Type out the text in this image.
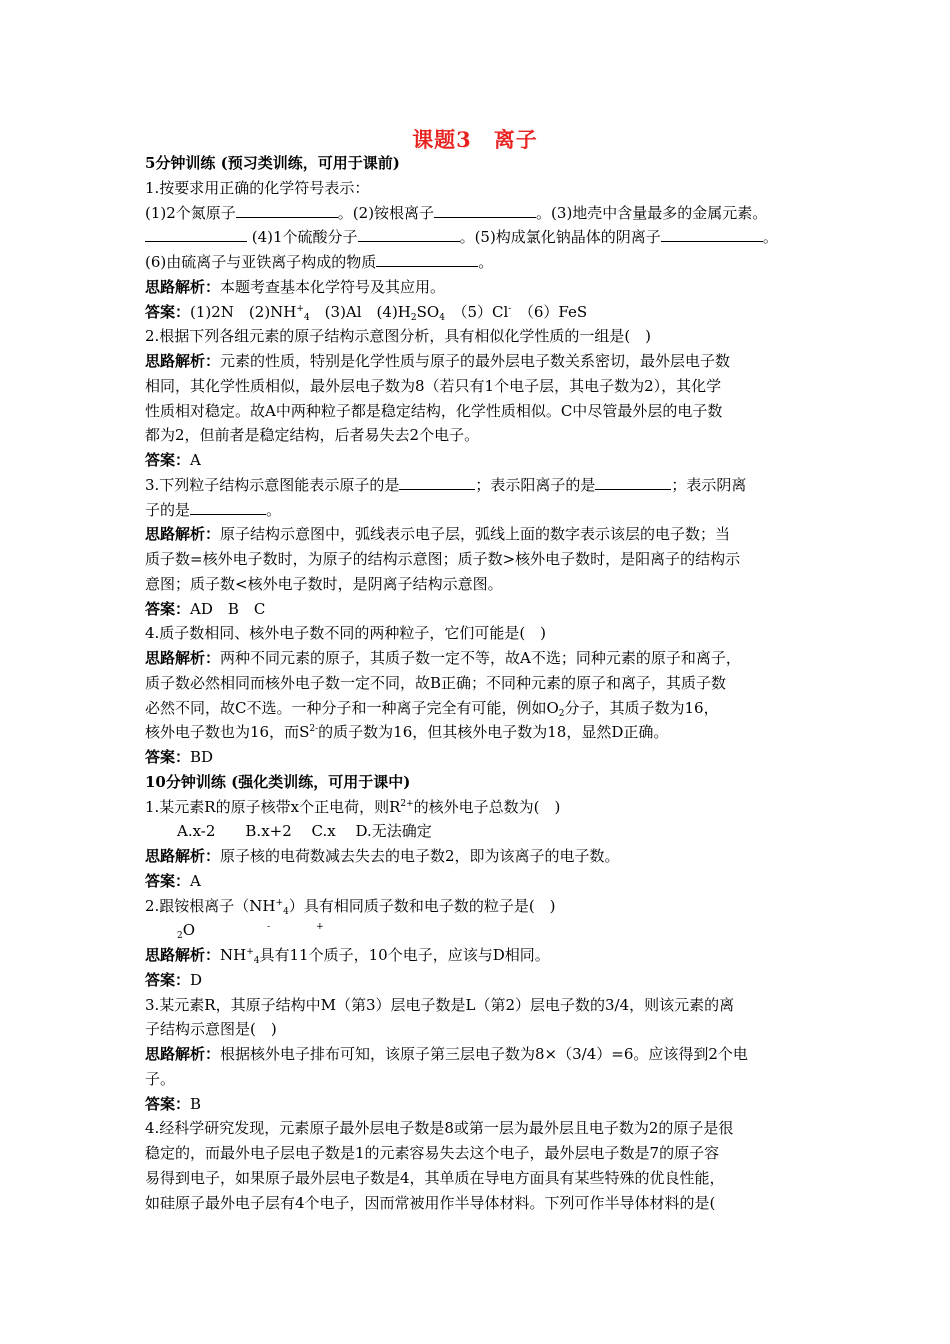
课题3　离子
5分钟训练 (预习类训练，可用于课前)
1.按要求用正确的化学符号表示：
(1)2个氮原子	。(2)铵根离子	。(3)地壳中含量最多的金属元素。
(4)1个硫酸分子	。(5)构成氯化钠晶体的阴离子	。
(6)由硫离子与亚铁离子构成的物质	。
思路解析：本题考查基本化学符号及其应用。
答案：(1)2N　$(2)NH^+_4$　(3)Al　$(4)H_2SO_4$　（5）Cl-　（6）FeS
2.根据下列各组元素的原子结构示意图分析，具有相似化学性质的一组是(　)
思路解析：元素的性质，特别是化学性质与原子的最外层电子数关系密切，最外层电子数
相同，其化学性质相似，最外层电子数为8（若只有1个电子层，其电子数为2），其化学
性质相对稳定。故A中两种粒子都是稳定结构，化学性质相似。C中尽管最外层的电子数
都为2，但前者是稳定结构，后者易失去2个电子。
答案：A
3.下列粒子结构示意图能表示原子的是	；表示阳离子的是	；表示阴离
子的是	。
思路解析：原子结构示意图中，弧线表示电子层，弧线上面的数字表示该层的电子数；当
质子数=核外电子数时，为原子的结构示意图；质子数>核外电子数时，是阳离子的结构示
意图；质子数<核外电子数时，是阴离子结构示意图。
答案：AD　B　C
4.质子数相同、核外电子数不同的两种粒子，它们可能是(　)
思路解析：两种不同元素的原子，其质子数一定不等，故A不选；同种元素的原子和离子，
质子数必然相同而核外电子数一定不同，故B正确；不同种元素的原子和离子，其质子数
必然不同，故C不选。一种分子和一种离子完全有可能，例如$O_2$分子，其质子数为16，
核外电子数也为16，而$S^{2-}$的质子数为16，但其核外电子数为18，显然D正确。
答案：BD
10分钟训练 (强化类训练，可用于课中)
1.某元素R的原子核带x个正电荷，则$R^{2+}$的核外电子总数为(　)
A.x-2　　B.x+2　 C.x　 D.无法确定
思路解析：原子核的电荷数减去失去的电子数2，即为该离子的电子数。
答案：A
2.跟铵根离子$(NH^+_4)$具有相同质子数和电子数的粒子是(　)
$_2$O	-	+
思路解析：$NH^+_4$具有11个质子，10个电子，应该与D相同。
答案：D
3.某元素R，其原子结构中M（第3）层电子数是L（第2）层电子数的3/4，则该元素的离
子结构示意图是(　)
思路解析：根据核外电子排布可知，该原子第三层电子数为8×（3/4）=6。应该得到2个电
子。
答案：B
4.经科学研究发现，元素原子最外层电子数是8或第一层为最外层且电子数为2的原子是很
稳定的，而最外电子层电子数是1的元素容易失去这个电子，最外层电子数是7的原子容
易得到电子，如果原子最外层电子数是4，其单质在导电方面具有某些特殊的优良性能，
如硅原子最外电子层有4个电子，因而常被用作半导体材料。下列可作半导体材料的是(
